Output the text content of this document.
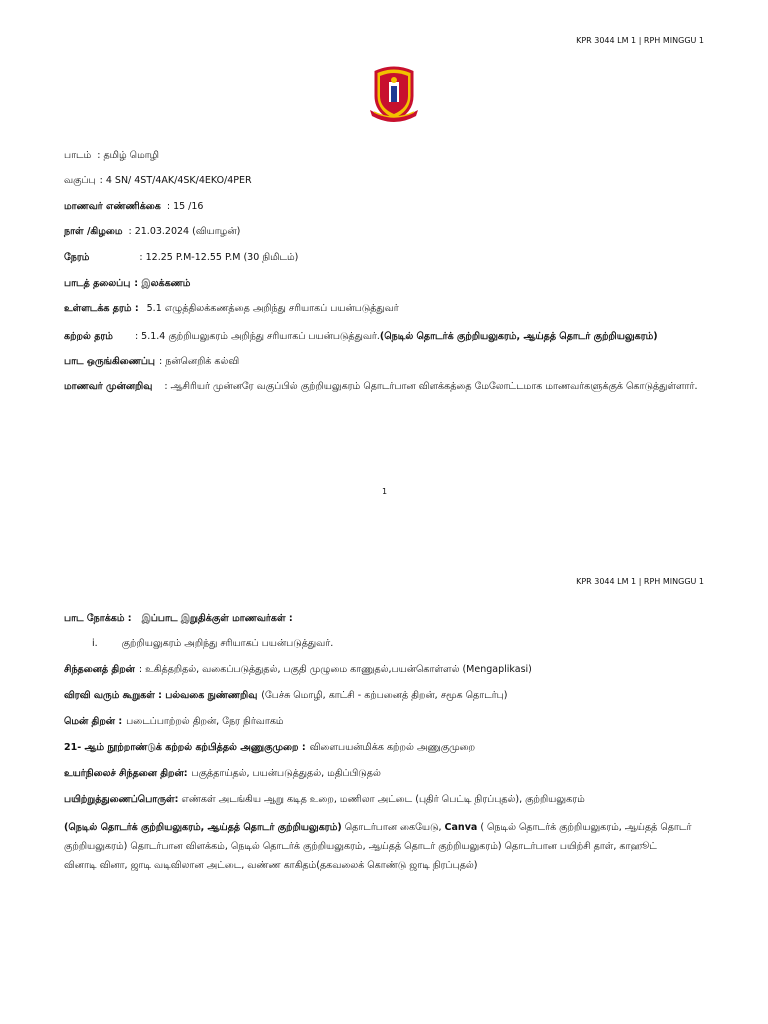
KPR 3044 LM 1 | RPH MINGGU 1
பாடம் : தமிழ் மொழி
வகுப்பு : 4 SN/ 4ST/4AK/4SK/4EKO/4PER
மாணவர் எண்ணிக்கை : 15 /16
நாள் /கிழமை : 21.03.2024 (வியாழன்)
நேரம்	: 12.25 P.M-12.55 P.M (30 நிமிடம்)
பாடத் தலைப்பு : இலக்கணம்
உள்ளடக்க தரம் : 5.1 எழுத்திலக்கணத்தை அறிந்து சரியாகப் பயன்படுத்துவர்
கற்றல் தரம் : 5.1.4 குற்றியலுகரம் அறிந்து சரியாகப் பயன்படுத்துவர்.(நெடில் தொடர்க் குற்றியலுகரம், ஆய்தத் தொடர் குற்றியலுகரம்)
பாட ஒருங்கிணைப்பு : நன்னெறிக் கல்வி
மாணவர் முன்னறிவு : ஆசிரியர் முன்னரே வகுப்பில் குற்றியலுகரம் தொடர்பான விளக்கத்தை மேலோட்டமாக மாணவர்களுக்குக் கொடுத்துள்ளார்.
1
KPR 3044 LM 1 | RPH MINGGU 1
பாட நோக்கம் : இப்பாட இறுதிக்குள் மாணவர்கள் :
i.	குற்றியலுகரம் அறிந்து சரியாகப் பயன்படுத்துவர்.
சிந்தனைத் திறன் : உகித்தறிதல், வகைப்படுத்துதல், பகுதி முழுமை காணுதல்,பயன்கொள்ளல் (Mengaplikasi)
விரவி வரும் கூறுகள் : பல்வகை நுண்ணறிவு (பேச்சு மொழி, காட்சி - கற்பனைத் திறன், சமூக தொடர்பு)
மென் திறன் : படைப்பாற்றல் திறன், நேர நிர்வாகம்
21- ஆம் நூற்றாண்டுக் கற்றல் கற்பித்தல் அணுகுமுறை : விளைபயன்மிக்க கற்றல் அணுகுமுறை
உயர்நிலைச் சிந்தனை திறன்: பகுத்தாய்தல், பயன்படுத்துதல், மதிப்பிடுதல்
பயிற்றுத்துணைப்பொருள்: எண்கள் அடங்கிய ஆறு கடித உறை, மணிலா அட்டை (புதிர் பெட்டி நிரப்புதல்), குற்றியலுகரம்
(நெடில் தொடர்க் குற்றியலுகரம், ஆய்தத் தொடர் குற்றியலுகரம்) தொடர்பான கையேடு, Canva ( நெடில் தொடர்க் குற்றியலுகரம், ஆய்தத் தொடர்
குற்றியலுகரம்) தொடர்பான விளக்கம், நெடில் தொடர்க் குற்றியலுகரம், ஆய்தத் தொடர் குற்றியலுகரம்) தொடர்பான பயிற்சி தாள், காஹூட்
வினாடி வினா, ஜாடி வடிவிலான அட்டை, வண்ண காகிதம்(தகவலைக் கொண்டு ஜாடி நிரப்புதல்)
